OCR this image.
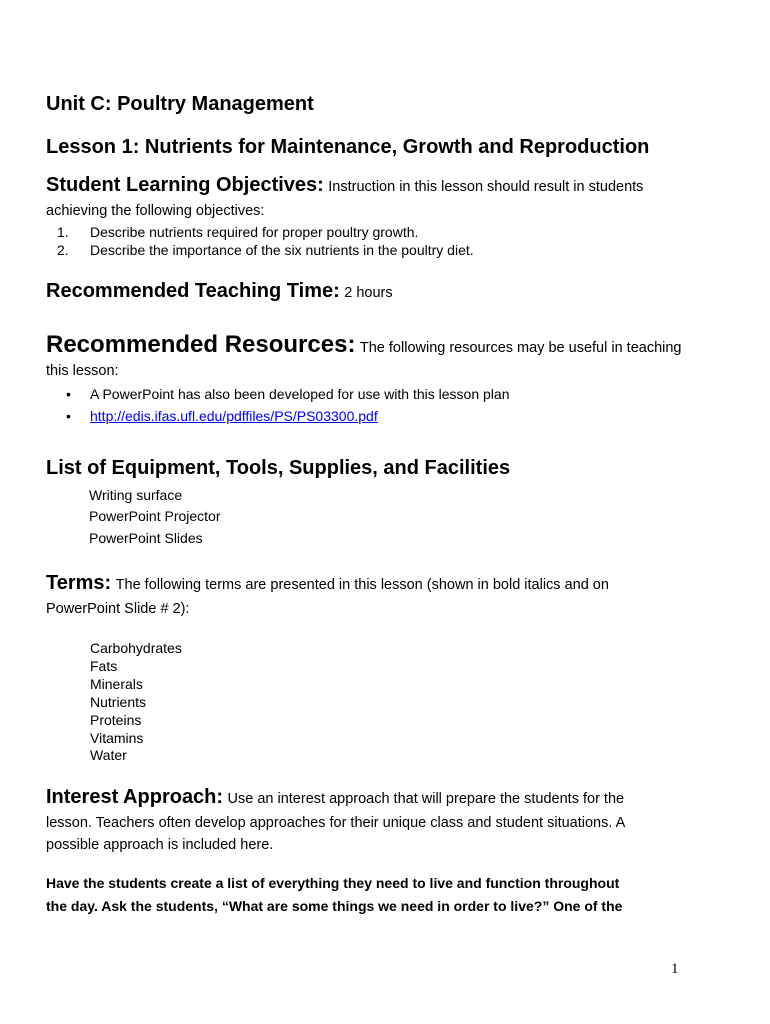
Unit C: Poultry Management
Lesson 1: Nutrients for Maintenance, Growth and Reproduction
Student Learning Objectives: Instruction in this lesson should result in students
achieving the following objectives:
1. Describe nutrients required for proper poultry growth.
2. Describe the importance of the six nutrients in the poultry diet.
Recommended Teaching Time: 2 hours
Recommended Resources: The following resources may be useful in teaching
this lesson:
• A PowerPoint has also been developed for use with this lesson plan
• http://edis.ifas.ufl.edu/pdffiles/PS/PS03300.pdf
List of Equipment, Tools, Supplies, and Facilities
Writing surface
PowerPoint Projector
PowerPoint Slides
Terms: The following terms are presented in this lesson (shown in bold italics and on
PowerPoint Slide # 2):
Carbohydrates
Fats
Minerals
Nutrients
Proteins
Vitamins
Water
Interest Approach: Use an interest approach that will prepare the students for the
lesson. Teachers often develop approaches for their unique class and student situations. A
possible approach is included here.
Have the students create a list of everything they need to live and function throughout
the day. Ask the students, “What are some things we need in order to live?” One of the
1
